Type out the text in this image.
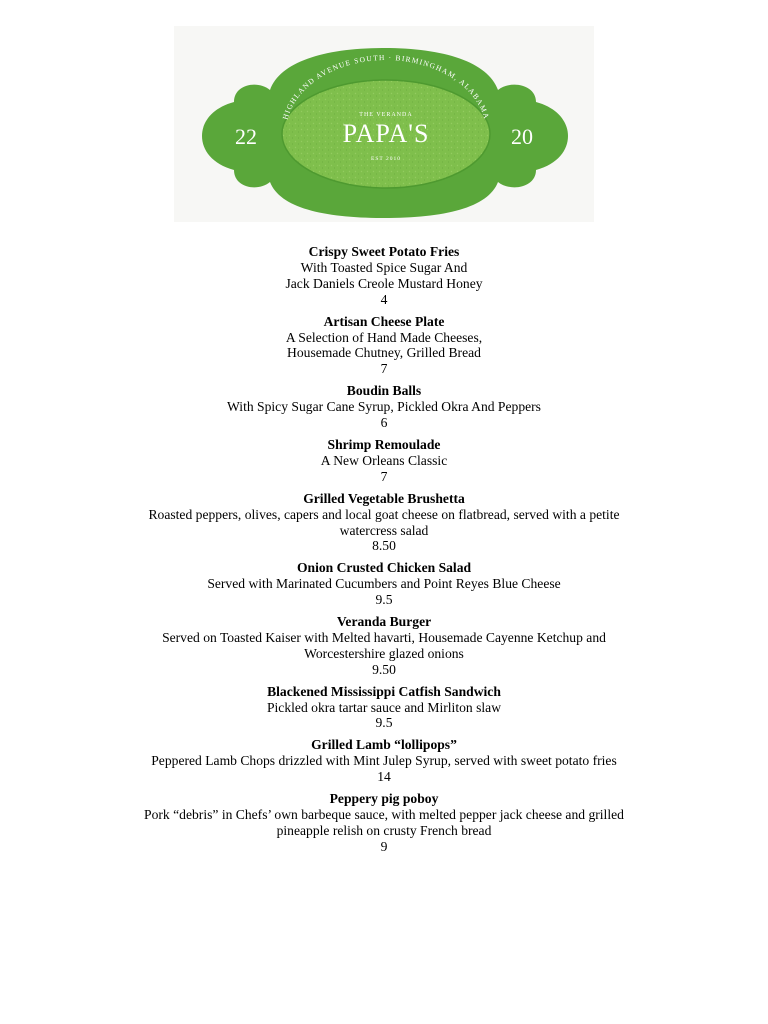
HIGHLAND AVENUE SOUTH · BIRMINGHAM, ALABAMA
22	20
THE VERANDA
PAPA'S
EST 2010
Crispy Sweet Potato Fries
With Toasted Spice Sugar And
Jack Daniels Creole Mustard Honey
4
Artisan Cheese Plate
A Selection of Hand Made Cheeses,
Housemade Chutney, Grilled Bread
7
Boudin Balls
With Spicy Sugar Cane Syrup, Pickled Okra And Peppers
6
Shrimp Remoulade
A New Orleans Classic
7
Grilled Vegetable Brushetta
Roasted peppers, olives, capers and local goat cheese on flatbread, served with a petite
watercress salad
8.50
Onion Crusted Chicken Salad
Served with Marinated Cucumbers and Point Reyes Blue Cheese
9.5
Veranda Burger
Served on Toasted Kaiser with Melted havarti, Housemade Cayenne Ketchup and
Worcestershire glazed onions
9.50
Blackened Mississippi Catfish Sandwich
Pickled okra tartar sauce and Mirliton slaw
9.5
Grilled Lamb “lollipops”
Peppered Lamb Chops drizzled with Mint Julep Syrup, served with sweet potato fries
14
Peppery pig poboy
Pork “debris” in Chefs’ own barbeque sauce, with melted pepper jack cheese and grilled
pineapple relish on crusty French bread
9
